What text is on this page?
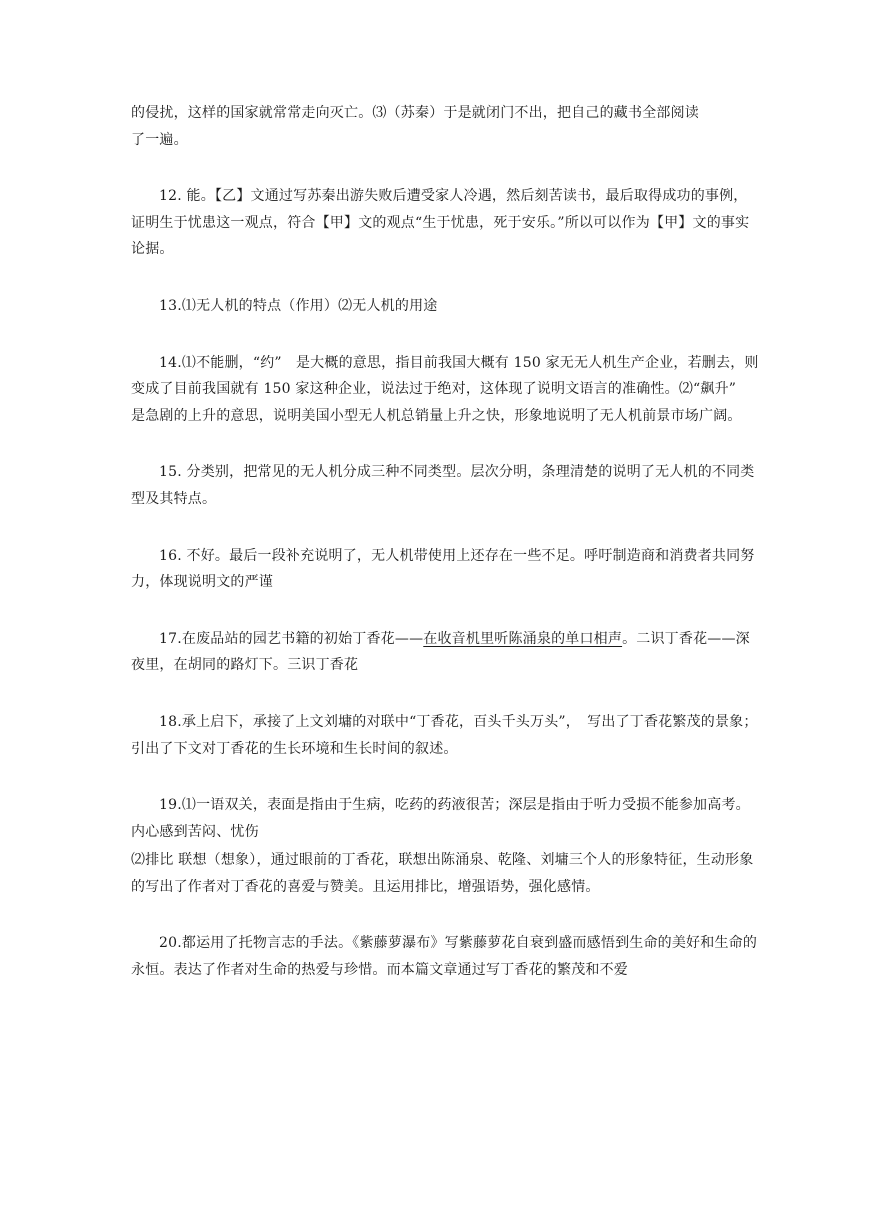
的侵扰，这样的国家就常常走向灭亡。⑶（苏秦）于是就闭门不出，把自己的藏书全部阅读
了一遍。

12. 能。【乙】文通过写苏秦出游失败后遭受家人冷遇，然后刻苦读书，最后取得成功的事例，证明生于忧患这一观点，符合【甲】文的观点“生于忧患，死于安乐。”所以可以作为【甲】文的事实论据。

13.⑴无人机的特点（作用）⑵无人机的用途

14.⑴不能删，“约”　是大概的意思，指目前我国大概有 150 家无无人机生产企业，若删去，则变成了目前我国就有 150 家这种企业，说法过于绝对，这体现了说明文语言的准确性。⑵“飙升”　是急剧的上升的意思，说明美国小型无人机总销量上升之快，形象地说明了无人机前景市场广阔。

15. 分类别，把常见的无人机分成三种不同类型。层次分明，条理清楚的说明了无人机的不同类型及其特点。

16. 不好。最后一段补充说明了，无人机带使用上还存在一些不足。呼吁制造商和消费者共同努力，体现说明文的严谨

17.在废品站的园艺书籍的初始丁香花——在收音机里听陈涌泉的单口相声。二识丁香花——深夜里，在胡同的路灯下。三识丁香花

18.承上启下，承接了上文刘墉的对联中“丁香花，百头千头万头”，　写出了丁香花繁茂的景象；引出了下文对丁香花的生长环境和生长时间的叙述。

19.⑴一语双关，表面是指由于生病，吃药的药液很苦；深层是指由于听力受损不能参加高考。内心感到苦闷、忧伤

⑵排比 联想（想象），通过眼前的丁香花，联想出陈涌泉、乾隆、刘墉三个人的形象特征，生动形象的写出了作者对丁香花的喜爱与赞美。且运用排比，增强语势，强化感情。

20.都运用了托物言志的手法。《紫藤萝瀑布》写紫藤萝花自衰到盛而感悟到生命的美好和生命的永恒。表达了作者对生命的热爱与珍惜。而本篇文章通过写丁香花的繁茂和不爱
